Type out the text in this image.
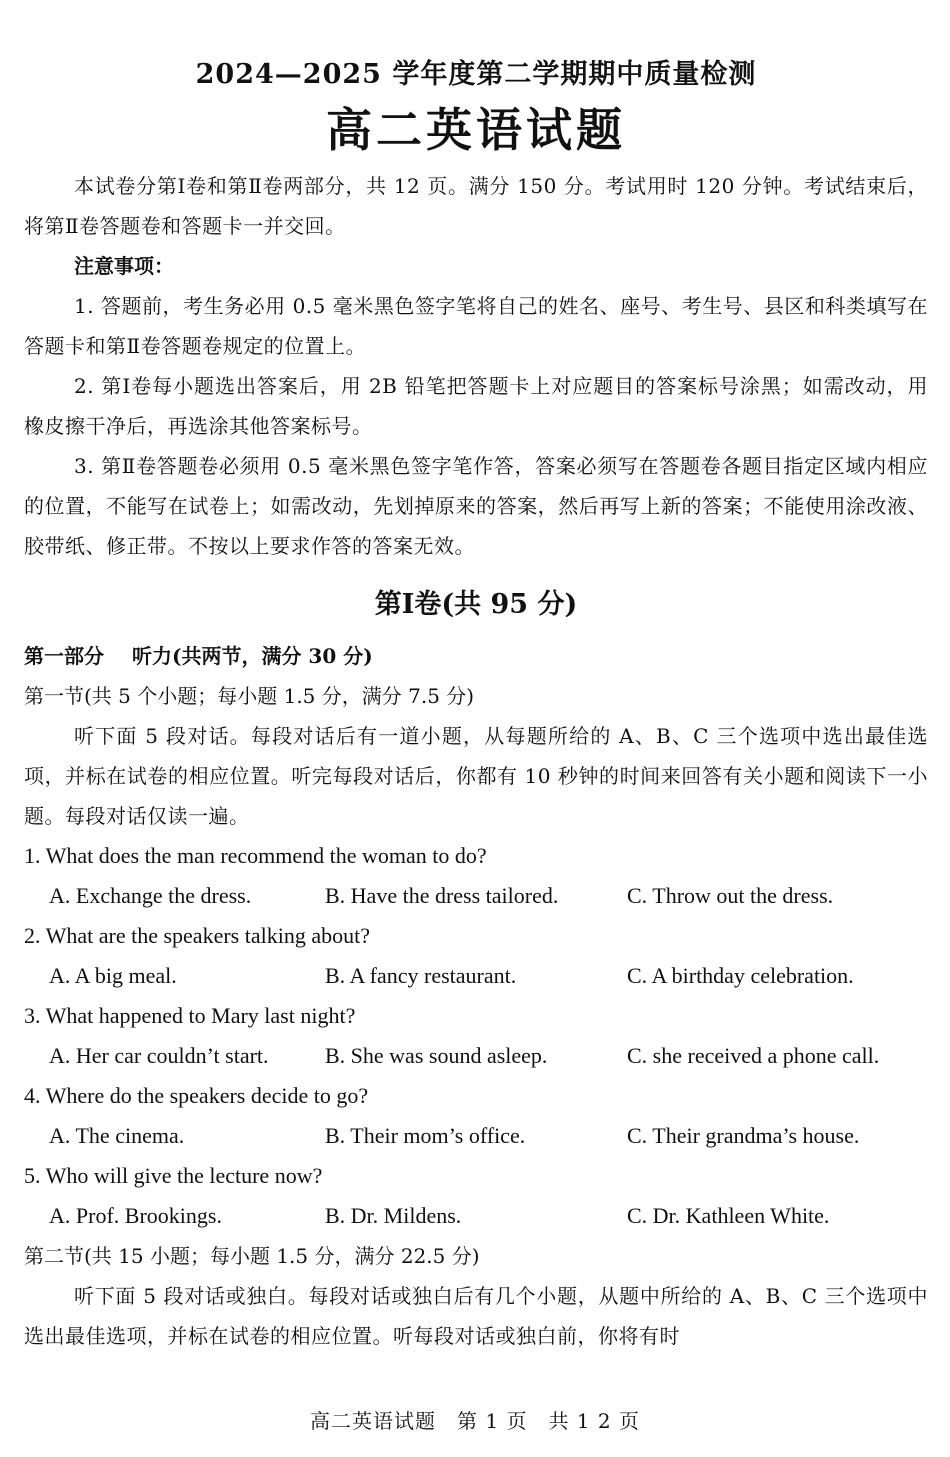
2024—2025 学年度第二学期期中质量检测
高二英语试题

本试卷分第Ⅰ卷和第Ⅱ卷两部分，共 12 页。满分 150 分。考试用时 120 分钟。考试结束后，将第Ⅱ卷答题卷和答题卡一并交回。

注意事项：

1. 答题前，考生务必用 0.5 毫米黑色签字笔将自己的姓名、座号、考生号、县区和科类填写在答题卡和第Ⅱ卷答题卷规定的位置上。

2. 第Ⅰ卷每小题选出答案后，用 2B 铅笔把答题卡上对应题目的答案标号涂黑；如需改动，用橡皮擦干净后，再选涂其他答案标号。

3. 第Ⅱ卷答题卷必须用 0.5 毫米黑色签字笔作答，答案必须写在答题卷各题目指定区域内相应的位置，不能写在试卷上；如需改动，先划掉原来的答案，然后再写上新的答案；不能使用涂改液、胶带纸、修正带。不按以上要求作答的答案无效。

第Ⅰ卷(共 95 分)

第一部分 听力(共两节，满分 30 分)

第一节(共 5 个小题；每小题 1.5 分，满分 7.5 分)

听下面 5 段对话。每段对话后有一道小题，从每题所给的 A、B、C 三个选项中选出最佳选项，并标在试卷的相应位置。听完每段对话后，你都有 10 秒钟的时间来回答有关小题和阅读下一小题。每段对话仅读一遍。

1. What does the man recommend the woman to do?

A. Exchange the dress.	B. Have the dress tailored.	C. Throw out the dress.

2. What are the speakers talking about?

A. A big meal.	B. A fancy restaurant.	C. A birthday celebration.

3. What happened to Mary last night?

A. Her car couldn’t start.	B. She was sound asleep.	C. she received a phone call.

4. Where do the speakers decide to go?

A. The cinema.	B. Their mom’s office.	C. Their grandma’s house.

5. Who will give the lecture now?

A. Prof. Brookings.	B. Dr. Mildens.	C. Dr. Kathleen White.

第二节(共 15 小题；每小题 1.5 分，满分 22.5 分)

听下面 5 段对话或独白。每段对话或独白后有几个小题，从题中所给的 A、B、C 三个选项中选出最佳选项，并标在试卷的相应位置。听每段对话或独白前，你将有时

高二英语试题　第 1 页　共 1 2 页
